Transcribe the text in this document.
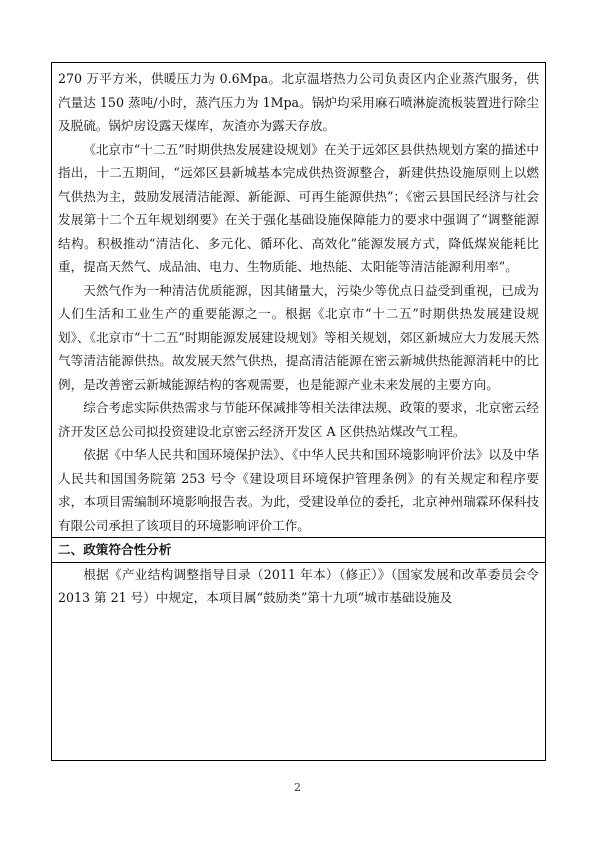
270 万平方米，供暖压力为 0.6Mpa。北京温塔热力公司负责区内企业蒸汽服务，供汽量达 150 蒸吨/小时，蒸汽压力为 1Mpa。锅炉均采用麻石喷淋旋流板装置进行除尘及脱硫。锅炉房设露天煤库，灰渣亦为露天存放。

《北京市“十二五”时期供热发展建设规划》在关于远郊区县供热规划方案的描述中指出，十二五期间，“远郊区县新城基本完成供热资源整合，新建供热设施原则上以燃气供热为主，鼓励发展清洁能源、新能源、可再生能源供热”；《密云县国民经济与社会发展第十二个五年规划纲要》在关于强化基础设施保障能力的要求中强调了“调整能源结构。积极推动“清洁化、多元化、循环化、高效化”能源发展方式，降低煤炭能耗比重，提高天然气、成品油、电力、生物质能、地热能、太阳能等清洁能源利用率”。

天然气作为一种清洁优质能源，因其储量大，污染少等优点日益受到重视，已成为人们生活和工业生产的重要能源之一。根据《北京市“十二五”时期供热发展建设规划》、《北京市“十二五”时期能源发展建设规划》等相关规划，郊区新城应大力发展天然气等清洁能源供热。故发展天然气供热，提高清洁能源在密云新城供热能源消耗中的比例，是改善密云新城能源结构的客观需要，也是能源产业未来发展的主要方向。

综合考虑实际供热需求与节能环保减排等相关法律法规、政策的要求，北京密云经济开发区总公司拟投资建设北京密云经济开发区 A 区供热站煤改气工程。

依据《中华人民共和国环境保护法》、《中华人民共和国环境影响评价法》以及中华人民共和国国务院第 253 号令《建设项目环境保护管理条例》的有关规定和程序要求，本项目需编制环境影响报告表。为此，受建设单位的委托，北京神州瑞霖环保科技有限公司承担了该项目的环境影响评价工作。

二、政策符合性分析

根据《产业结构调整指导目录（2011 年本）（修正）》（国家发展和改革委员会令 2013 第 21 号）中规定，本项目属“鼓励类”第十九项“城市基础设施及

2
